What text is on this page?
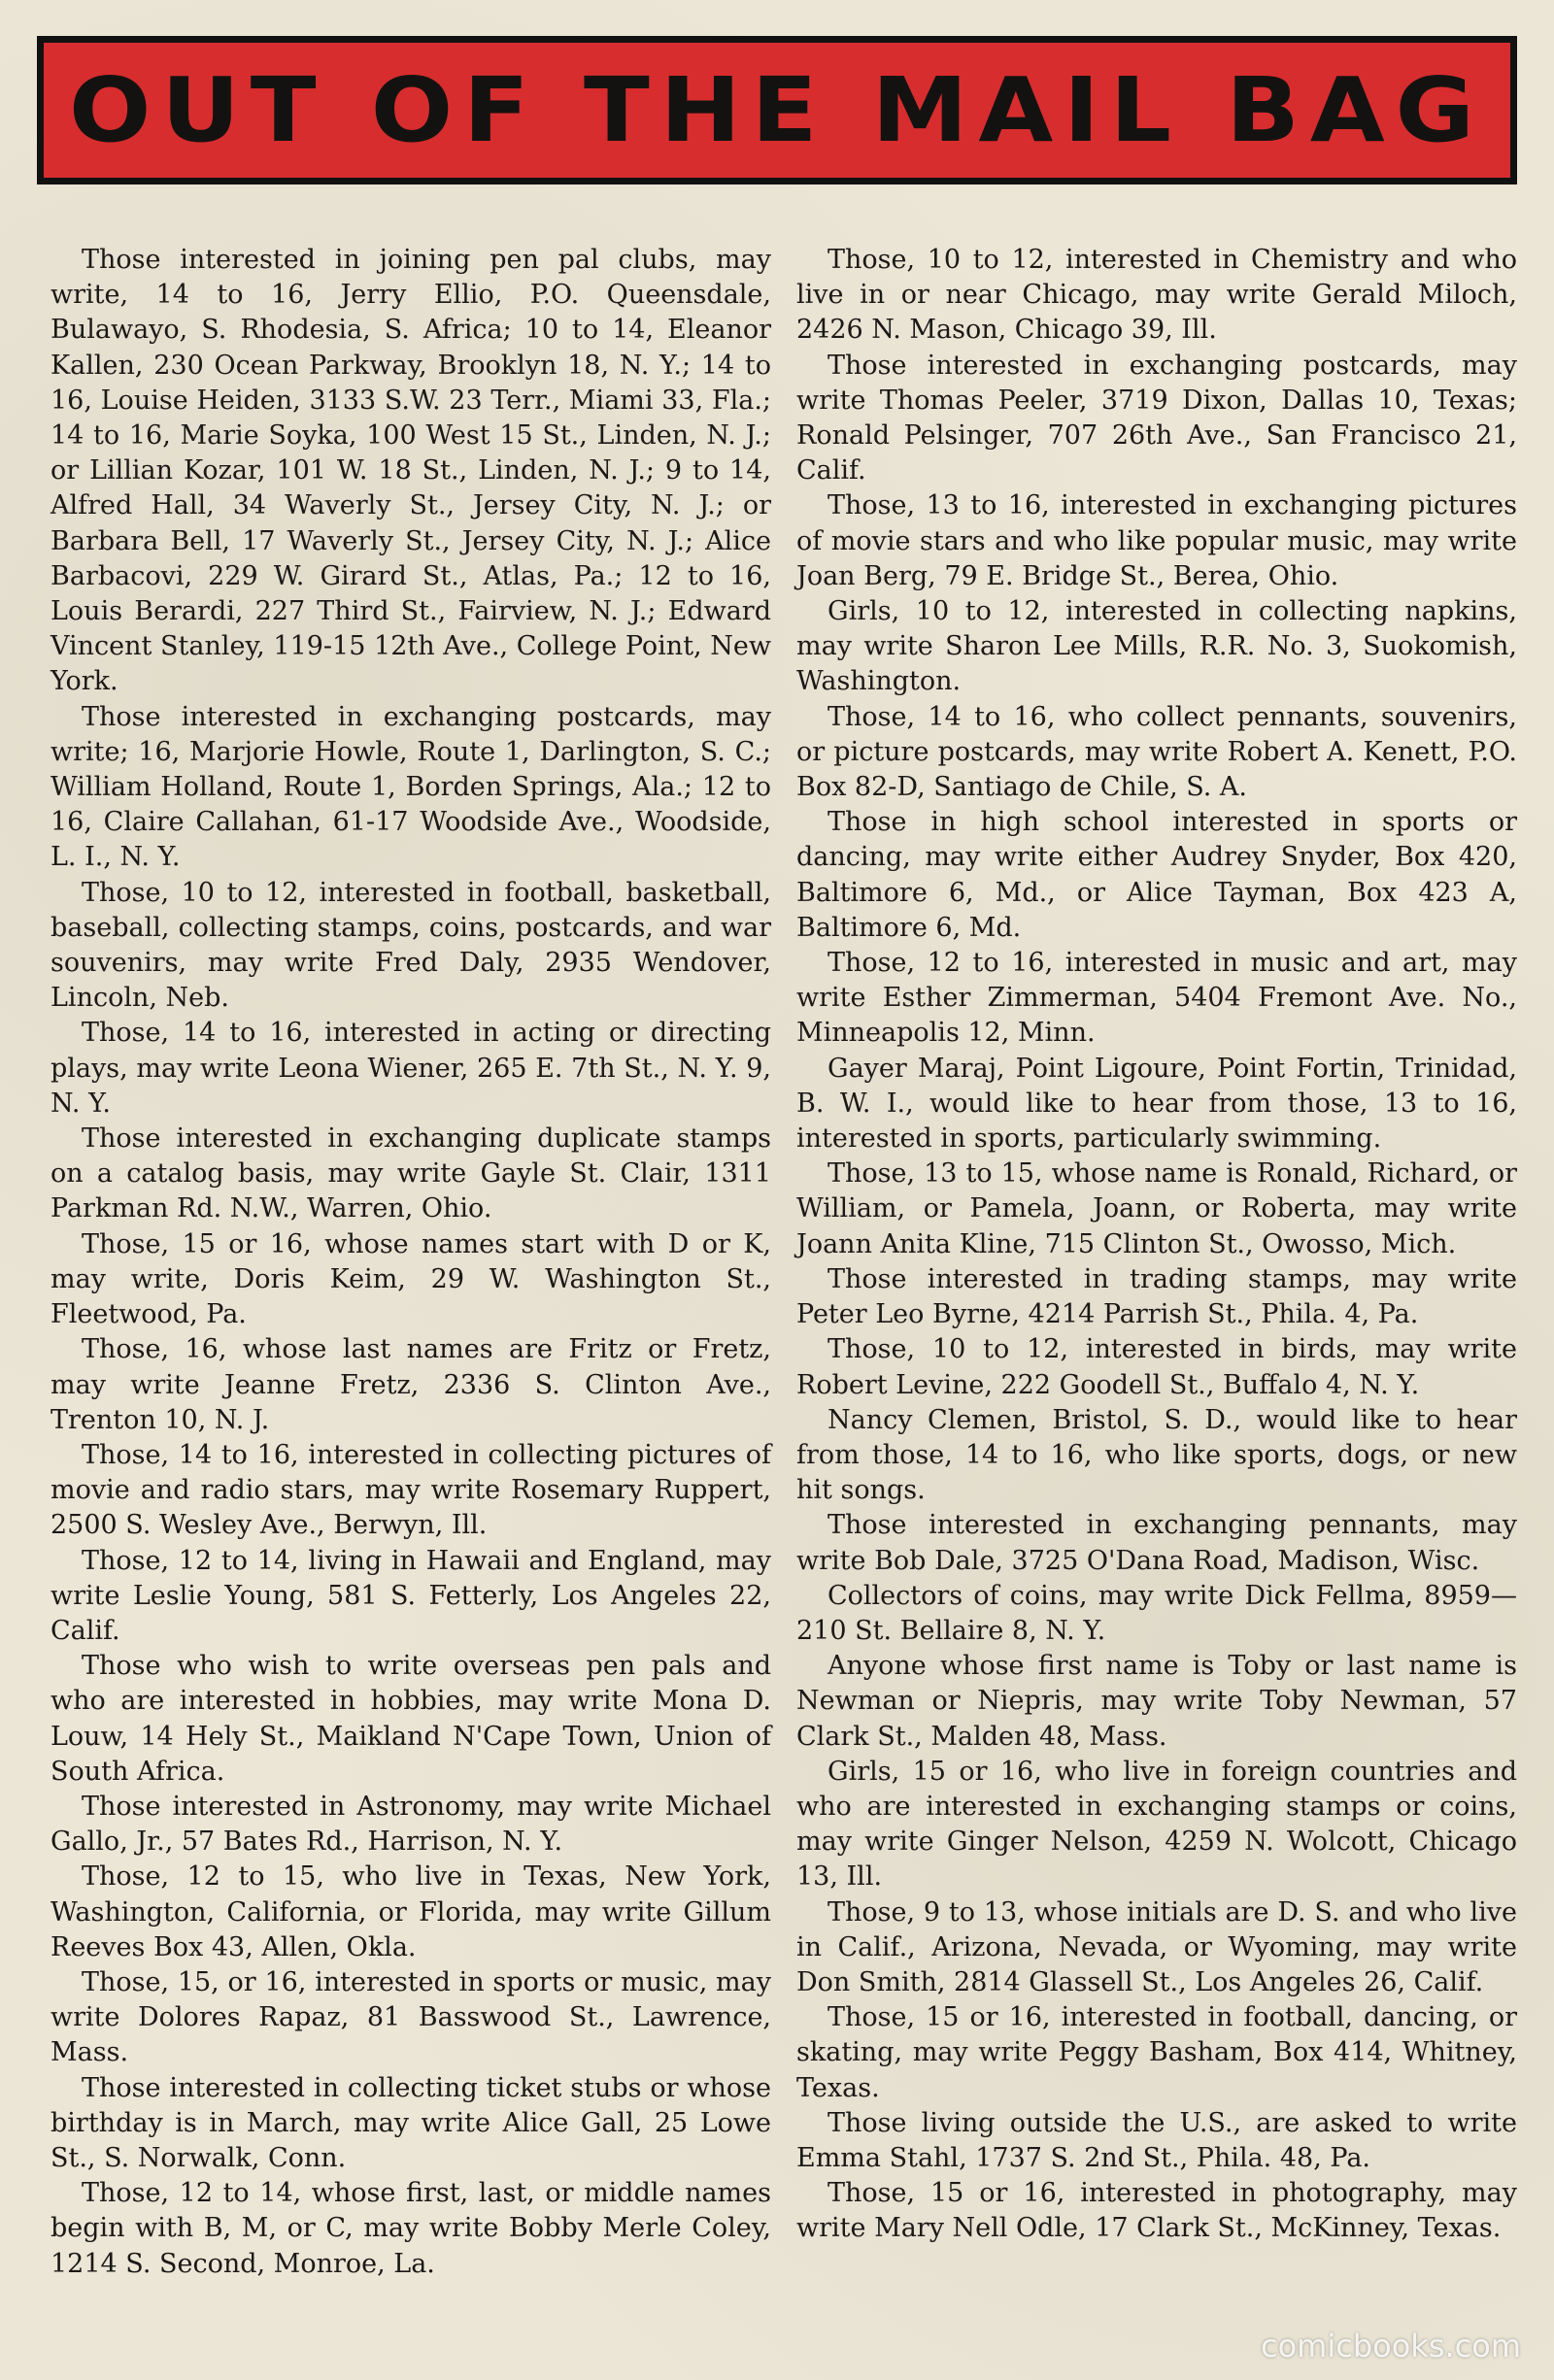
OUT OF THE MAIL BAG

Those interested in joining pen pal clubs, may write, 14 to 16, Jerry Ellio, P.O. Queensdale, Bulawayo, S. Rhodesia, S. Africa; 10 to 14, Eleanor Kallen, 230 Ocean Parkway, Brooklyn 18, N. Y.; 14 to 16, Louise Heiden, 3133 S.W. 23 Terr., Miami 33, Fla.; 14 to 16, Marie Soyka, 100 West 15 St., Linden, N. J.; or Lillian Kozar, 101 W. 18 St., Linden, N. J.; 9 to 14, Alfred Hall, 34 Waverly St., Jersey City, N. J.; or Barbara Bell, 17 Waverly St., Jersey City, N. J.; Alice Barbacovi, 229 W. Girard St., Atlas, Pa.; 12 to 16, Louis Berardi, 227 Third St., Fairview, N. J.; Edward Vincent Stanley, 119-15 12th Ave., College Point, New York.

Those interested in exchanging postcards, may write; 16, Marjorie Howle, Route 1, Darlington, S. C.; William Holland, Route 1, Borden Springs, Ala.; 12 to 16, Claire Callahan, 61-17 Woodside Ave., Woodside, L. I., N. Y.

Those, 10 to 12, interested in football, basketball, baseball, collecting stamps, coins, postcards, and war souvenirs, may write Fred Daly, 2935 Wendover, Lincoln, Neb.

Those, 14 to 16, interested in acting or directing plays, may write Leona Wiener, 265 E. 7th St., N. Y. 9, N. Y.

Those interested in exchanging duplicate stamps on a catalog basis, may write Gayle St. Clair, 1311 Parkman Rd. N.W., Warren, Ohio.

Those, 15 or 16, whose names start with D or K, may write, Doris Keim, 29 W. Washington St., Fleetwood, Pa.

Those, 16, whose last names are Fritz or Fretz, may write Jeanne Fretz, 2336 S. Clinton Ave., Trenton 10, N. J.

Those, 14 to 16, interested in collecting pictures of movie and radio stars, may write Rosemary Ruppert, 2500 S. Wesley Ave., Berwyn, Ill.

Those, 12 to 14, living in Hawaii and England, may write Leslie Young, 581 S. Fetterly, Los Angeles 22, Calif.

Those who wish to write overseas pen pals and who are interested in hobbies, may write Mona D. Louw, 14 Hely St., Maikland N'Cape Town, Union of South Africa.

Those interested in Astronomy, may write Michael Gallo, Jr., 57 Bates Rd., Harrison, N. Y.

Those, 12 to 15, who live in Texas, New York, Washington, California, or Florida, may write Gillum Reeves Box 43, Allen, Okla.

Those, 15, or 16, interested in sports or music, may write Dolores Rapaz, 81 Basswood St., Lawrence, Mass.

Those interested in collecting ticket stubs or whose birthday is in March, may write Alice Gall, 25 Lowe St., S. Norwalk, Conn.

Those, 12 to 14, whose first, last, or middle names begin with B, M, or C, may write Bobby Merle Coley, 1214 S. Second, Monroe, La.

Those, 10 to 12, interested in Chemistry and who live in or near Chicago, may write Gerald Miloch, 2426 N. Mason, Chicago 39, Ill.

Those interested in exchanging postcards, may write Thomas Peeler, 3719 Dixon, Dallas 10, Texas; Ronald Pelsinger, 707 26th Ave., San Francisco 21, Calif.

Those, 13 to 16, interested in exchanging pictures of movie stars and who like popular music, may write Joan Berg, 79 E. Bridge St., Berea, Ohio.

Girls, 10 to 12, interested in collecting napkins, may write Sharon Lee Mills, R.R. No. 3, Suokomish, Washington.

Those, 14 to 16, who collect pennants, souvenirs, or picture postcards, may write Robert A. Kenett, P.O. Box 82-D, Santiago de Chile, S. A.

Those in high school interested in sports or dancing, may write either Audrey Snyder, Box 420, Baltimore 6, Md., or Alice Tayman, Box 423 A, Baltimore 6, Md.

Those, 12 to 16, interested in music and art, may write Esther Zimmerman, 5404 Fremont Ave. No., Minneapolis 12, Minn.

Gayer Maraj, Point Ligoure, Point Fortin, Trinidad, B. W. I., would like to hear from those, 13 to 16, interested in sports, particularly swimming.

Those, 13 to 15, whose name is Ronald, Richard, or William, or Pamela, Joann, or Roberta, may write Joann Anita Kline, 715 Clinton St., Owosso, Mich.

Those interested in trading stamps, may write Peter Leo Byrne, 4214 Parrish St., Phila. 4, Pa.

Those, 10 to 12, interested in birds, may write Robert Levine, 222 Goodell St., Buffalo 4, N. Y.

Nancy Clemen, Bristol, S. D., would like to hear from those, 14 to 16, who like sports, dogs, or new hit songs.

Those interested in exchanging pennants, may write Bob Dale, 3725 O'Dana Road, Madison, Wisc.

Collectors of coins, may write Dick Fellma, 8959—210 St. Bellaire 8, N. Y.

Anyone whose first name is Toby or last name is Newman or Niepris, may write Toby Newman, 57 Clark St., Malden 48, Mass.

Girls, 15 or 16, who live in foreign countries and who are interested in exchanging stamps or coins, may write Ginger Nelson, 4259 N. Wolcott, Chicago 13, Ill.

Those, 9 to 13, whose initials are D. S. and who live in Calif., Arizona, Nevada, or Wyoming, may write Don Smith, 2814 Glassell St., Los Angeles 26, Calif.

Those, 15 or 16, interested in football, dancing, or skating, may write Peggy Basham, Box 414, Whitney, Texas.

Those living outside the U.S., are asked to write Emma Stahl, 1737 S. 2nd St., Phila. 48, Pa.

Those, 15 or 16, interested in photography, may write Mary Nell Odle, 17 Clark St., McKinney, Texas.

comicbooks.com
